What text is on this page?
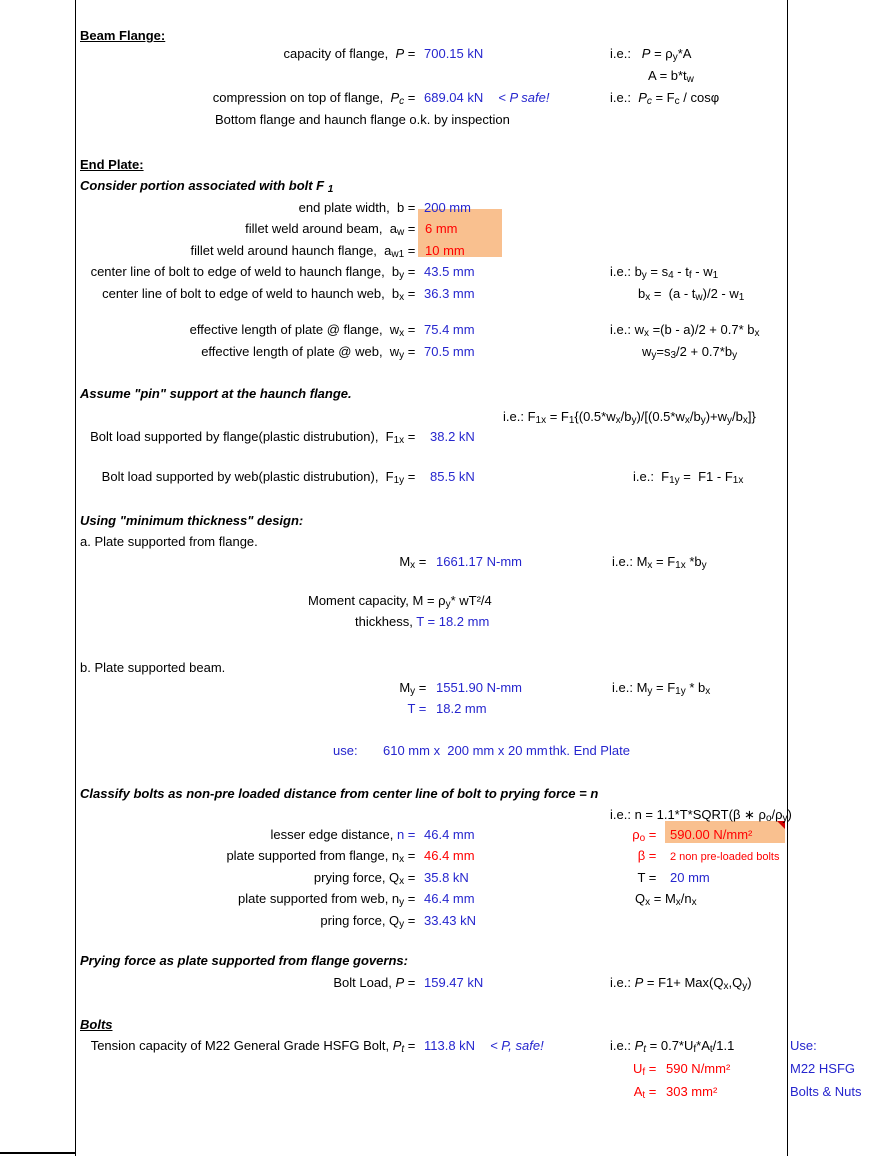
Beam Flange:
capacity of flange,  P = 700.15 kN	i.e.:   P = ρy*A
A = b*tw
compression on top of flange,  Pc = 689.04 kN < P safe!	i.e.:  Pc = Fc / cosφ
Bottom flange and haunch flange o.k. by inspection
End Plate:
Consider portion associated with bolt F 1
end plate width,  b = 200 mm
fillet weld around beam,  aw = 6 mm
fillet weld around haunch flange,  aw1 = 10 mm
center line of bolt to edge of weld to haunch flange,  by = 43.5 mm	i.e.: by = s4 - tf - w1
center line of bolt to edge of weld to haunch web,  bx = 36.3 mm	bx =  (a - tw)/2 - w1
effective length of plate @ flange,  wx = 75.4 mm	i.e.: wx =(b - a)/2 + 0.7* bx
effective length of plate @ web,  wy = 70.5 mm	wy=s3/2 + 0.7*by
Assume "pin" support at the haunch flange.
i.e.: F1x = F1{(0.5*wx/by)/[(0.5*wx/by)+wy/bx]}
Bolt load supported by flange(plastic distrubution),  F1x = 38.2 kN
Bolt load supported by web(plastic distrubution),  F1y = 85.5 kN	i.e.:  F1y =  F1 - F1x
Using "minimum thickness" design:
a. Plate supported from flange.
Mx = 1661.17 N-mm	i.e.: Mx = F1x *by
Moment capacity, M = ρy* wT²/4
thickhess, T = 18.2 mm
b. Plate supported beam.
My = 1551.90 N-mm	i.e.: My = F1y * bx
T = 18.2 mm
use: 610 mm x  200 mm x 20 mm thk. End Plate
Classify bolts as non-pre loaded distance from center line of bolt to prying force = n
i.e.: n = 1.1*T*SQRT(β ∗ ρo/ρy)
lesser edge distance, n = 46.4 mm	ρo = 590.00 N/mm²
plate supported from flange, nx = 46.4 mm	β = 2 non pre-loaded bolts
prying force, Qx = 35.8 kN	T = 20 mm
plate supported from web, ny = 46.4 mm	Qx = Mx/nx
pring force, Qy = 33.43 kN
Prying force as plate supported from flange governs:
Bolt Load, P = 159.47 kN	i.e.: P = F1+ Max(Qx,Qy)
Bolts
Tension capacity of M22 General Grade HSFG Bolt, Pt = 113.8 kN < P, safe!	i.e.: Pt = 0.7*Uf*At/1.1	Use:
Uf = 590 N/mm²	M22 HSFG
At = 303 mm²	Bolts & Nuts
